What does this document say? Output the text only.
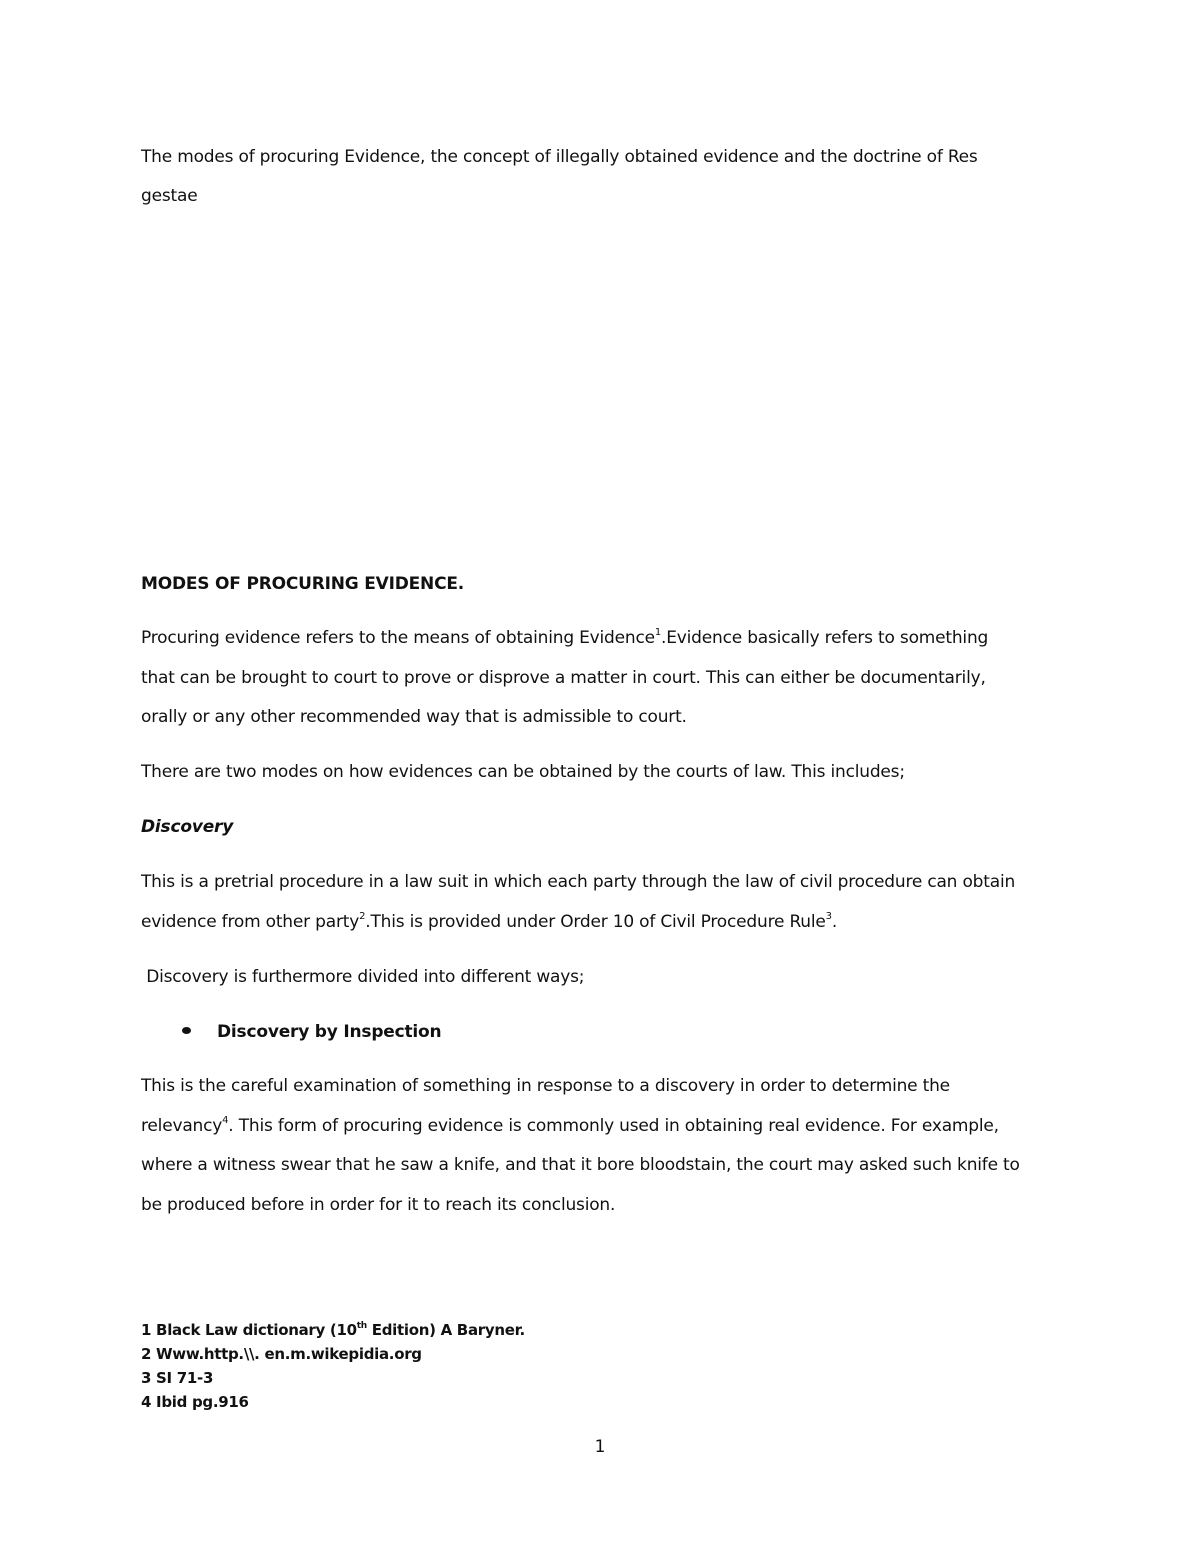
The modes of procuring Evidence, the concept of illegally obtained evidence and the doctrine of Res
gestae
MODES OF PROCURING EVIDENCE.
Procuring evidence refers to the means of obtaining Evidence$^1$.Evidence basically refers to something
that can be brought to court to prove or disprove a matter in court. This can either be documentarily,
orally or any other recommended way that is admissible to court.
There are two modes on how evidences can be obtained by the courts of law. This includes;
Discovery
This is a pretrial procedure in a law suit in which each party through the law of civil procedure can obtain
evidence from other party$^2$.This is provided under Order 10 of Civil Procedure Rule$^3$.
Discovery is furthermore divided into different ways;
Discovery by Inspection
This is the careful examination of something in response to a discovery in order to determine the
relevancy$^4$. This form of procuring evidence is commonly used in obtaining real evidence. For example,
where a witness swear that he saw a knife, and that it bore bloodstain, the court may asked such knife to
be produced before in order for it to reach its conclusion.
1 Black Law dictionary (10th Edition) A Baryner.
2 Www.http.\\. en.m.wikepidia.org
3 SI 71-3
4 Ibid pg.916
1
